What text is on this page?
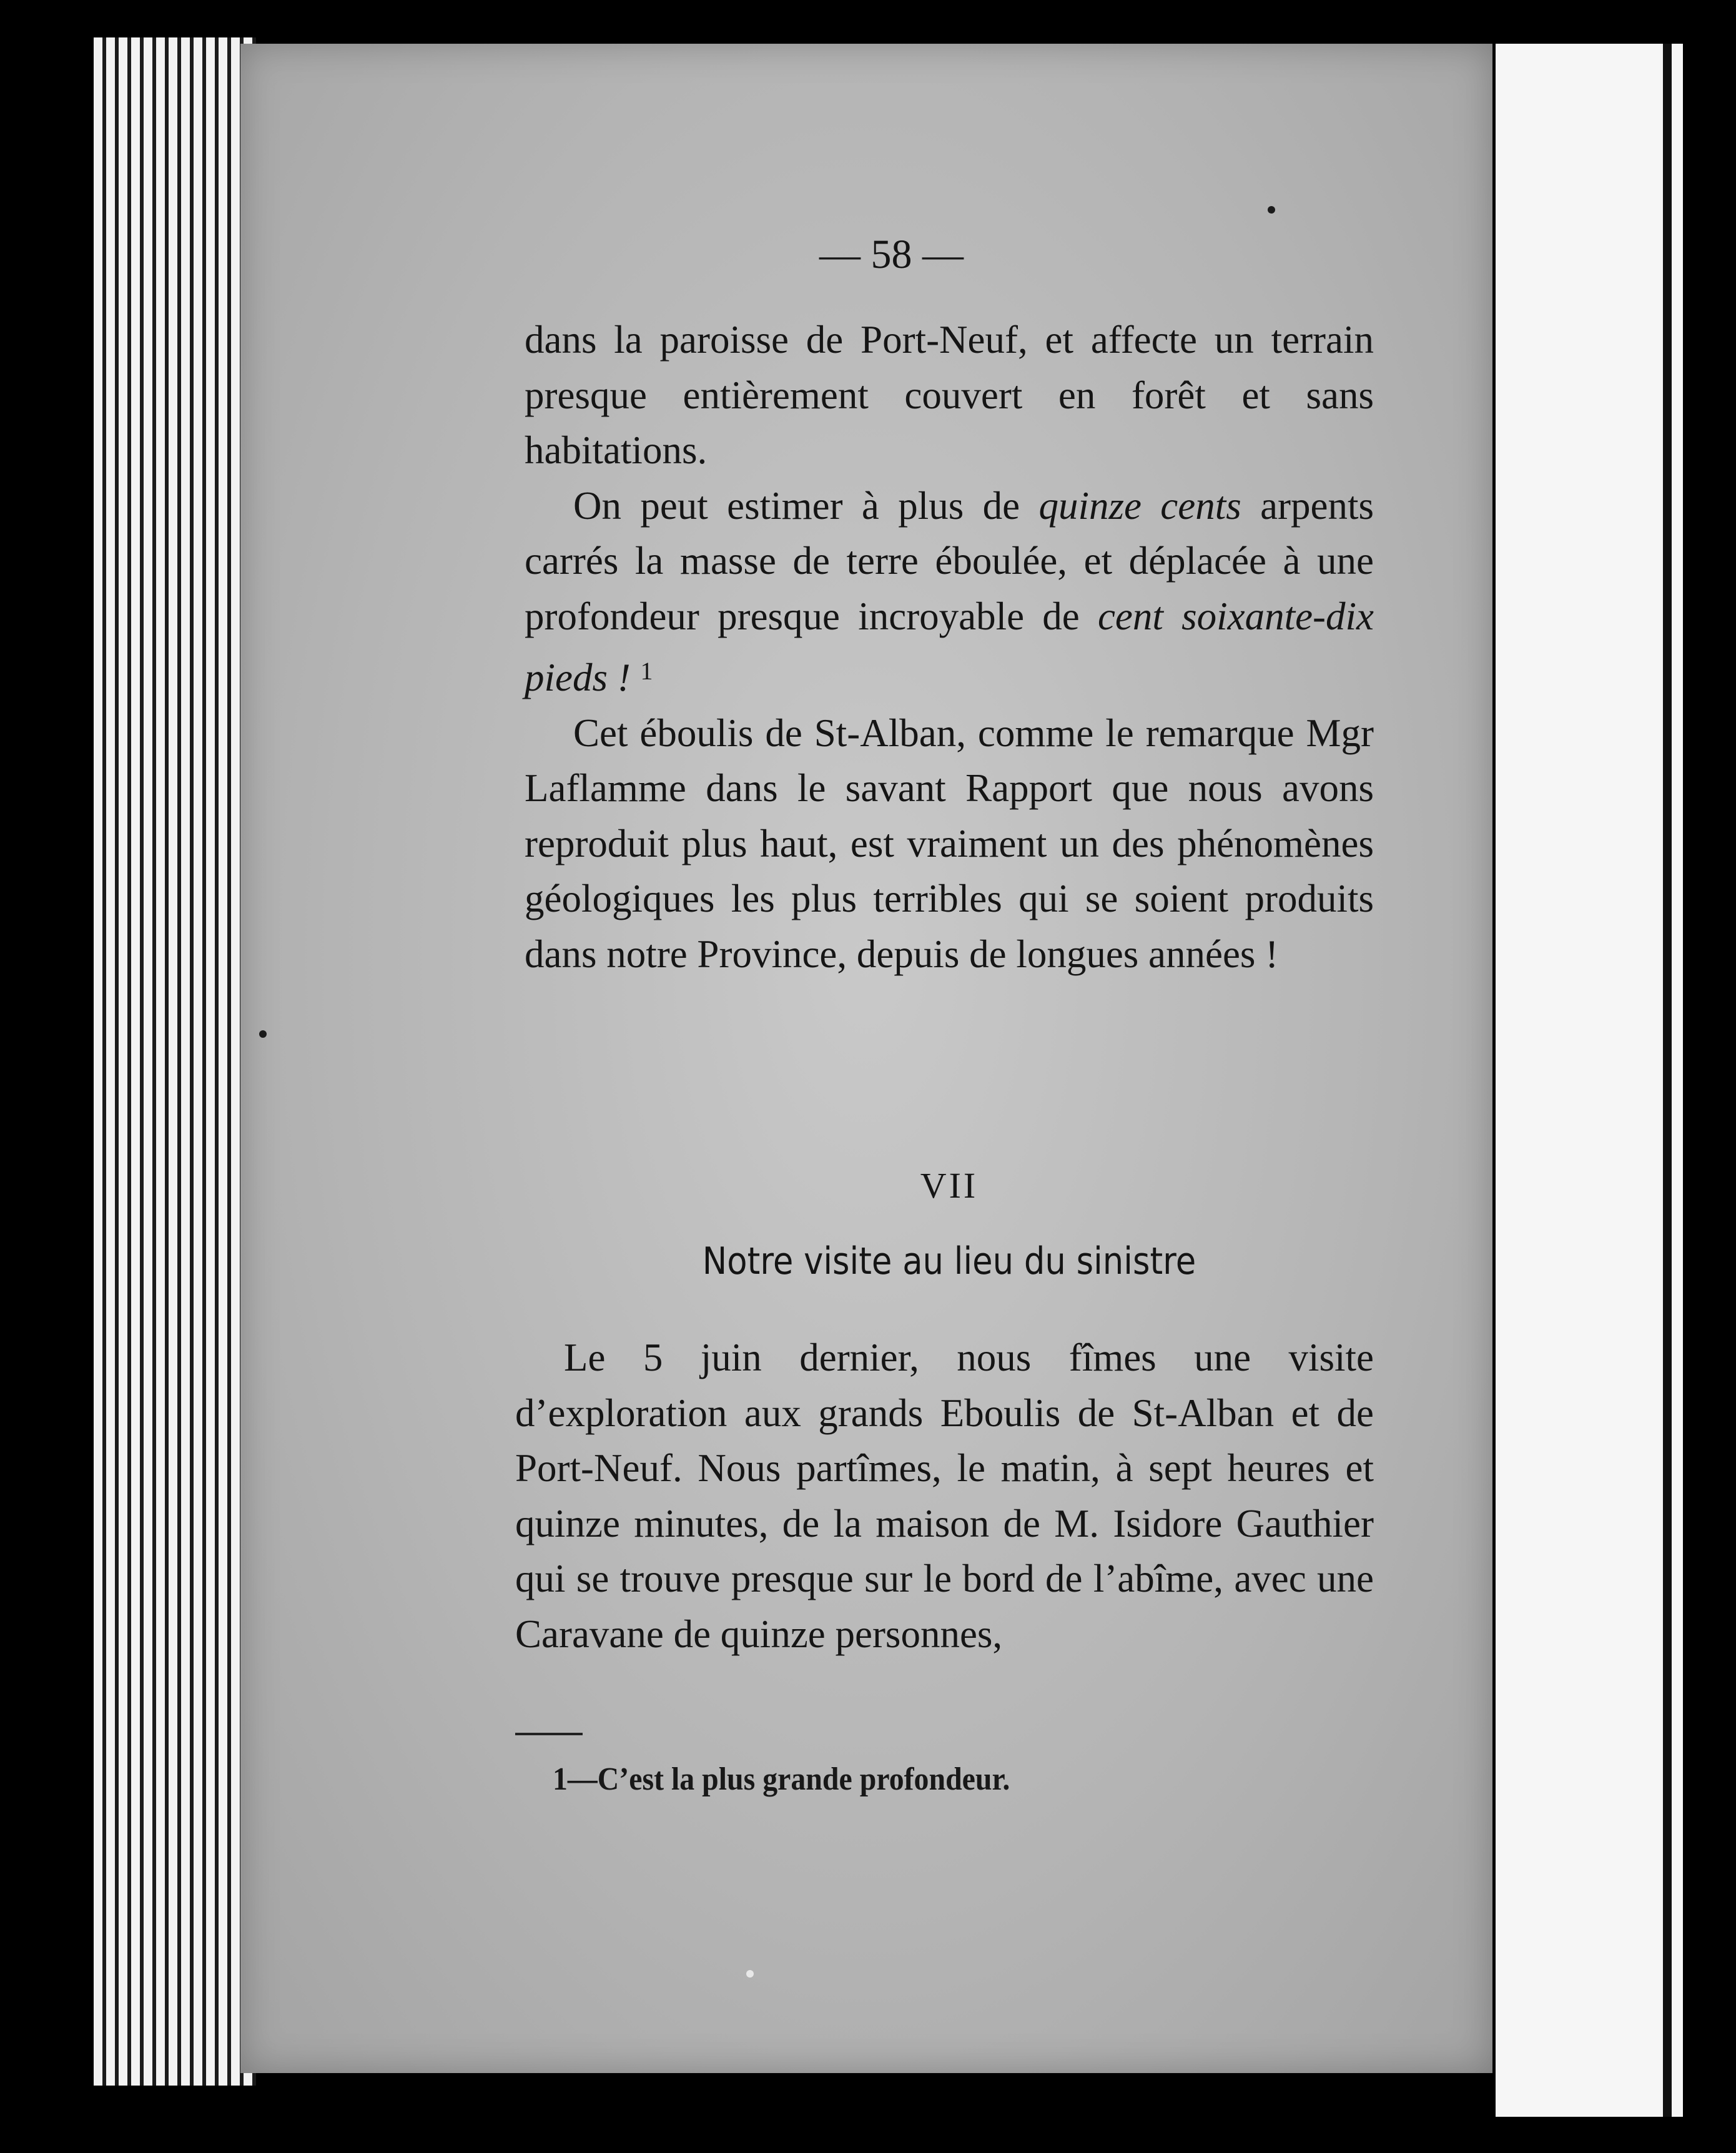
— 58 —

dans la paroisse de Port-Neuf, et affecte un terrain presque entièrement couvert en forêt et sans habitations.

On peut estimer à plus de quinze cents arpents carrés la masse de terre éboulée, et déplacée à une profondeur presque incroyable de cent soixante-dix pieds ! $^1$

Cet éboulis de St-Alban, comme le remarque Mgr Laflamme dans le savant Rapport que nous avons reproduit plus haut, est vraiment un des phénomènes géologiques les plus terribles qui se soient produits dans notre Province, depuis de longues années !

VII
Notre visite au lieu du sinistre

Le 5 juin dernier, nous fîmes une visite d’exploration aux grands Eboulis de St-Alban et de Port-Neuf. Nous partîmes, le matin, à sept heures et quinze minutes, de la maison de M. Isidore Gauthier qui se trouve presque sur le bord de l’abîme, avec une Caravane de quinze personnes,

1—C’est la plus grande profondeur.
